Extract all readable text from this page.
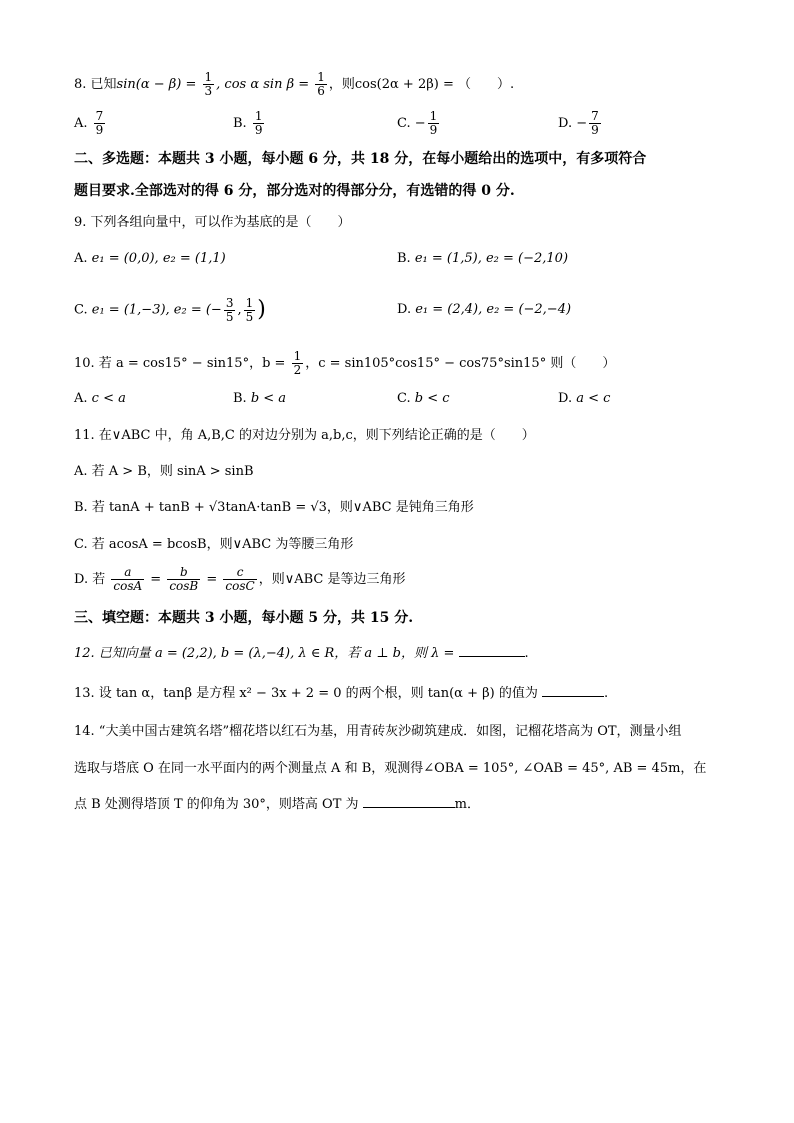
8. 已知$\sin(\alpha - \beta) = \frac{1}{3}$ , cos α $\sin \beta = \frac{1}{6}$ ，则cos(2α + 2β) = （　　）.
A. $\frac{7}{9}$	B. $\frac{1}{9}$	C. − $\frac{1}{9}$	D. − $\frac{7}{9}$
二、多选题：本题共 3 小题，每小题 6 分，共 18 分，在每小题给出的选项中，有多项符合
题目要求.全部选对的得 6 分，部分选对的得部分分，有选错的得 0 分.
9. 下列各组向量中，可以作为基底的是（　　）
A. e₁ = (0,0), e₂ = (1,1)	B. e₁ = (1,5), e₂ = (−2,10)
C. e₁ = (1,−3), e₂ = (− $\frac{3}{5}$ , $\frac{1}{5}$ )	D. e₁ = (2,4), e₂ = (−2,−4)
10. 若 a = cos15° − sin15°，$b = \frac{1}{2}$ ，c = sin105°cos15° − cos75°sin15° 则（　　）
A. c < a	B. b < a	C. b < c	D. a < c
11. 在∨ABC 中，角 A,B,C 的对边分别为 a,b,c，则下列结论正确的是（　　）
A. 若 A > B，则 sinA > sinB
B. 若 tanA + tanB + √3tanA·tanB = √3，则∨ABC 是钝角三角形
C. 若 acosA = bcosB，则∨ABC 为等腰三角形
D. 若 $\frac{a}{\cos A} = \frac{b}{\cos B} = \frac{c}{\cos C}$ ，则∨ABC 是等边三角形
三、填空题：本题共 3 小题，每小题 5 分，共 15 分.
12. 已知向量 a = (2,2), b = (λ,−4), λ ∈ R，若 a ⊥ b，则 λ =	.
13. 设 tan α，tanβ 是方程 x² − 3x + 2 = 0 的两个根，则 tan(α + β) 的值为	.
14. “大美中国古建筑名塔”榴花塔以红石为基，用青砖灰沙砌筑建成．如图，记榴花塔高为 OT，测量小组
选取与塔底 O 在同一水平面内的两个测量点 A 和 B，观测得∠OBA = 105°, ∠OAB = 45°, AB = 45m，在
点 B 处测得塔顶 T 的仰角为 30°，则塔高 OT 为	m．
